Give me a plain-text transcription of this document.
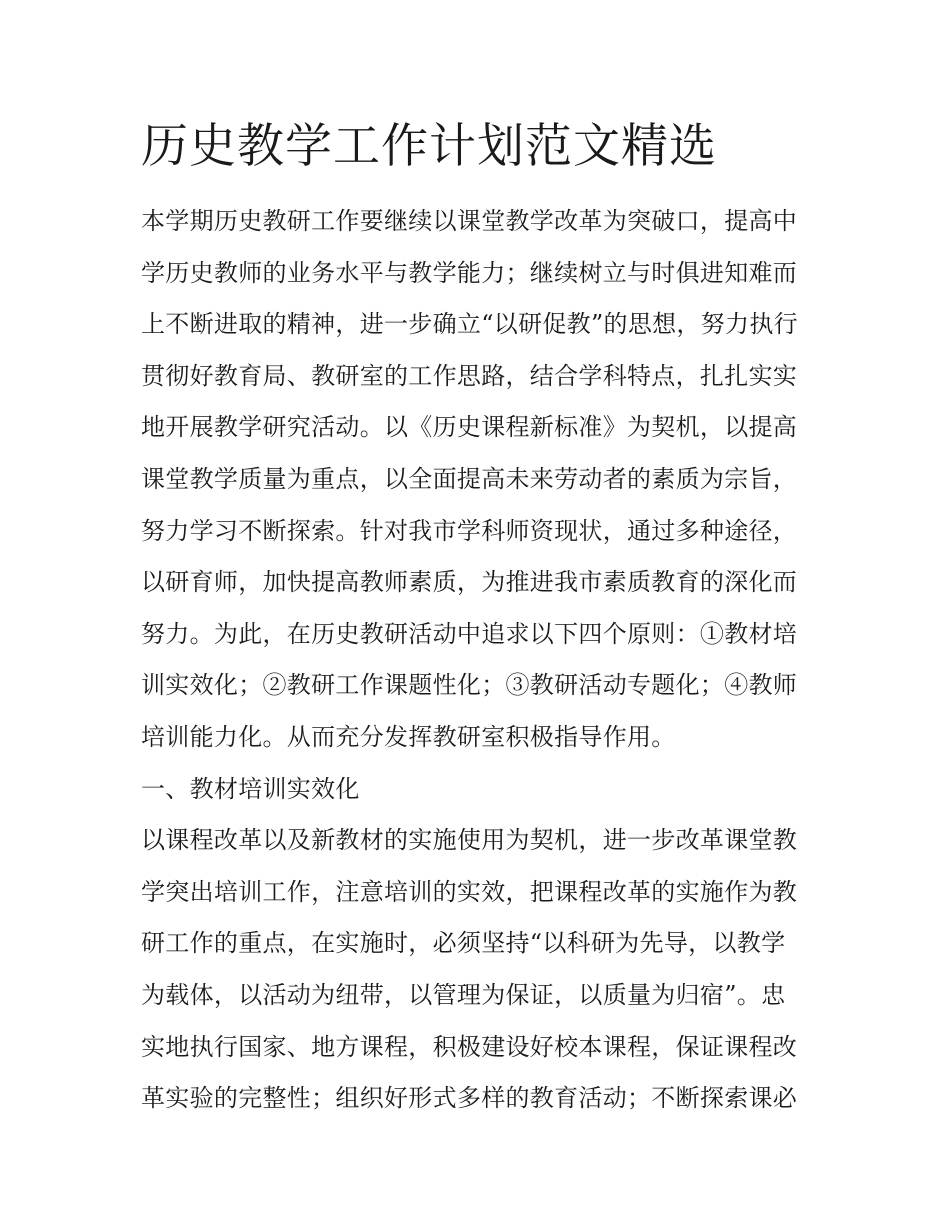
历史教学工作计划范文精选
本学期历史教研工作要继续以课堂教学改革为突破口，提高中
学历史教师的业务水平与教学能力；继续树立与时俱进知难而
上不断进取的精神，进一步确立“以研促教”的思想，努力执行
贯彻好教育局、教研室的工作思路，结合学科特点，扎扎实实
地开展教学研究活动。以《历史课程新标准》为契机，以提高
课堂教学质量为重点，以全面提高未来劳动者的素质为宗旨，
努力学习不断探索。针对我市学科师资现状，通过多种途径，
以研育师，加快提高教师素质，为推进我市素质教育的深化而
努力。为此，在历史教研活动中追求以下四个原则：①教材培
训实效化；②教研工作课题性化；③教研活动专题化；④教师
培训能力化。从而充分发挥教研室积极指导作用。
一、教材培训实效化
以课程改革以及新教材的实施使用为契机，进一步改革课堂教
学突出培训工作，注意培训的实效，把课程改革的实施作为教
研工作的重点，在实施时，必须坚持“以科研为先导，以教学
为载体，以活动为纽带，以管理为保证，以质量为归宿”。忠
实地执行国家、地方课程，积极建设好校本课程，保证课程改
革实验的完整性；组织好形式多样的教育活动；不断探索课必
